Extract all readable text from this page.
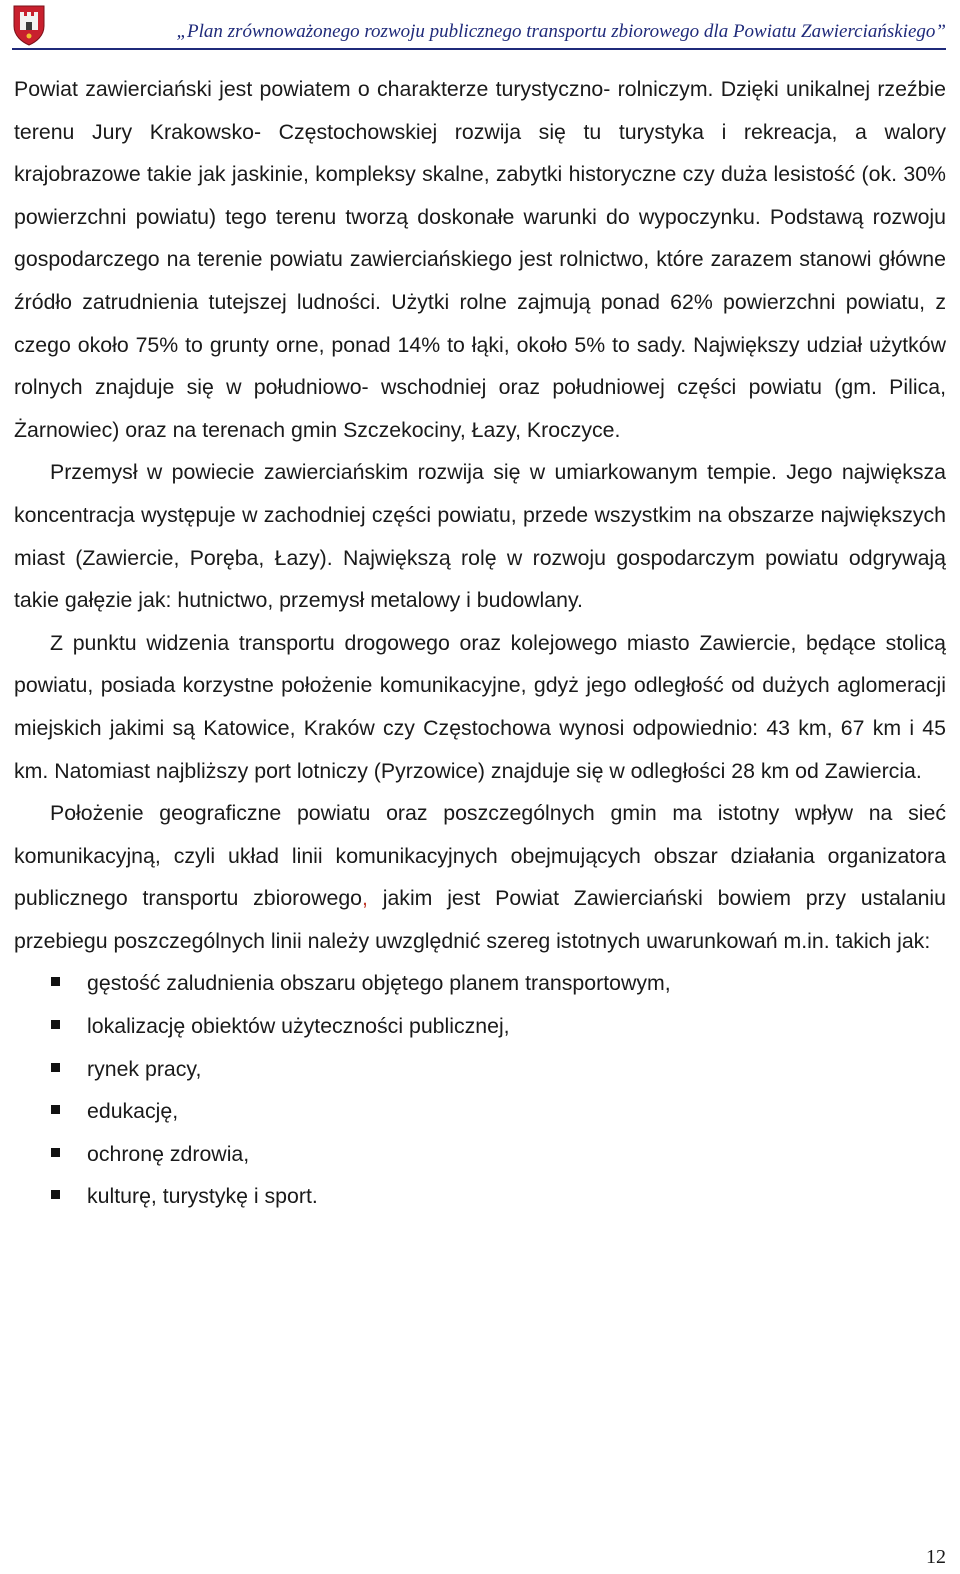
„Plan zrównoważonego rozwoju publicznego transportu zbiorowego dla Powiatu Zawierciańskiego”

Powiat zawierciański jest powiatem o charakterze turystyczno- rolniczym. Dzięki unikalnej rzeźbie terenu Jury Krakowsko- Częstochowskiej rozwija się tu turystyka i rekreacja, a walory krajobrazowe takie jak jaskinie, kompleksy skalne, zabytki historyczne czy duża lesistość (ok. 30% powierzchni powiatu) tego terenu tworzą doskonałe warunki do wypoczynku. Podstawą rozwoju gospodarczego na terenie powiatu zawierciańskiego jest rolnictwo, które zarazem stanowi główne źródło zatrudnienia tutejszej ludności. Użytki rolne zajmują ponad 62% powierzchni powiatu, z czego około 75% to grunty orne, ponad 14% to łąki, około 5% to sady. Największy udział użytków rolnych znajduje się w południowo- wschodniej oraz południowej części powiatu (gm. Pilica, Żarnowiec) oraz na terenach gmin Szczekociny, Łazy, Kroczyce.

Przemysł w powiecie zawierciańskim rozwija się w umiarkowanym tempie. Jego największa koncentracja występuje w zachodniej części powiatu, przede wszystkim na obszarze największych miast (Zawiercie, Poręba, Łazy). Największą rolę w rozwoju gospodarczym powiatu odgrywają takie gałęzie jak: hutnictwo, przemysł metalowy i budowlany.

Z punktu widzenia transportu drogowego oraz kolejowego miasto Zawiercie, będące stolicą powiatu, posiada korzystne położenie komunikacyjne, gdyż jego odległość od dużych aglomeracji miejskich jakimi są Katowice, Kraków czy Częstochowa wynosi odpowiednio: 43 km, 67 km i 45 km. Natomiast najbliższy port lotniczy (Pyrzowice) znajduje się w odległości 28 km od Zawiercia.

Położenie geograficzne powiatu oraz poszczególnych gmin ma istotny wpływ na sieć komunikacyjną, czyli układ linii komunikacyjnych obejmujących obszar działania organizatora publicznego transportu zbiorowego, jakim jest Powiat Zawierciański bowiem przy ustalaniu przebiegu poszczególnych linii należy uwzględnić szereg istotnych uwarunkowań m.in. takich jak:

gęstość zaludnienia obszaru objętego planem transportowym,
lokalizację obiektów użyteczności publicznej,
rynek pracy,
edukację,
ochronę zdrowia,
kulturę, turystykę i sport.
12
